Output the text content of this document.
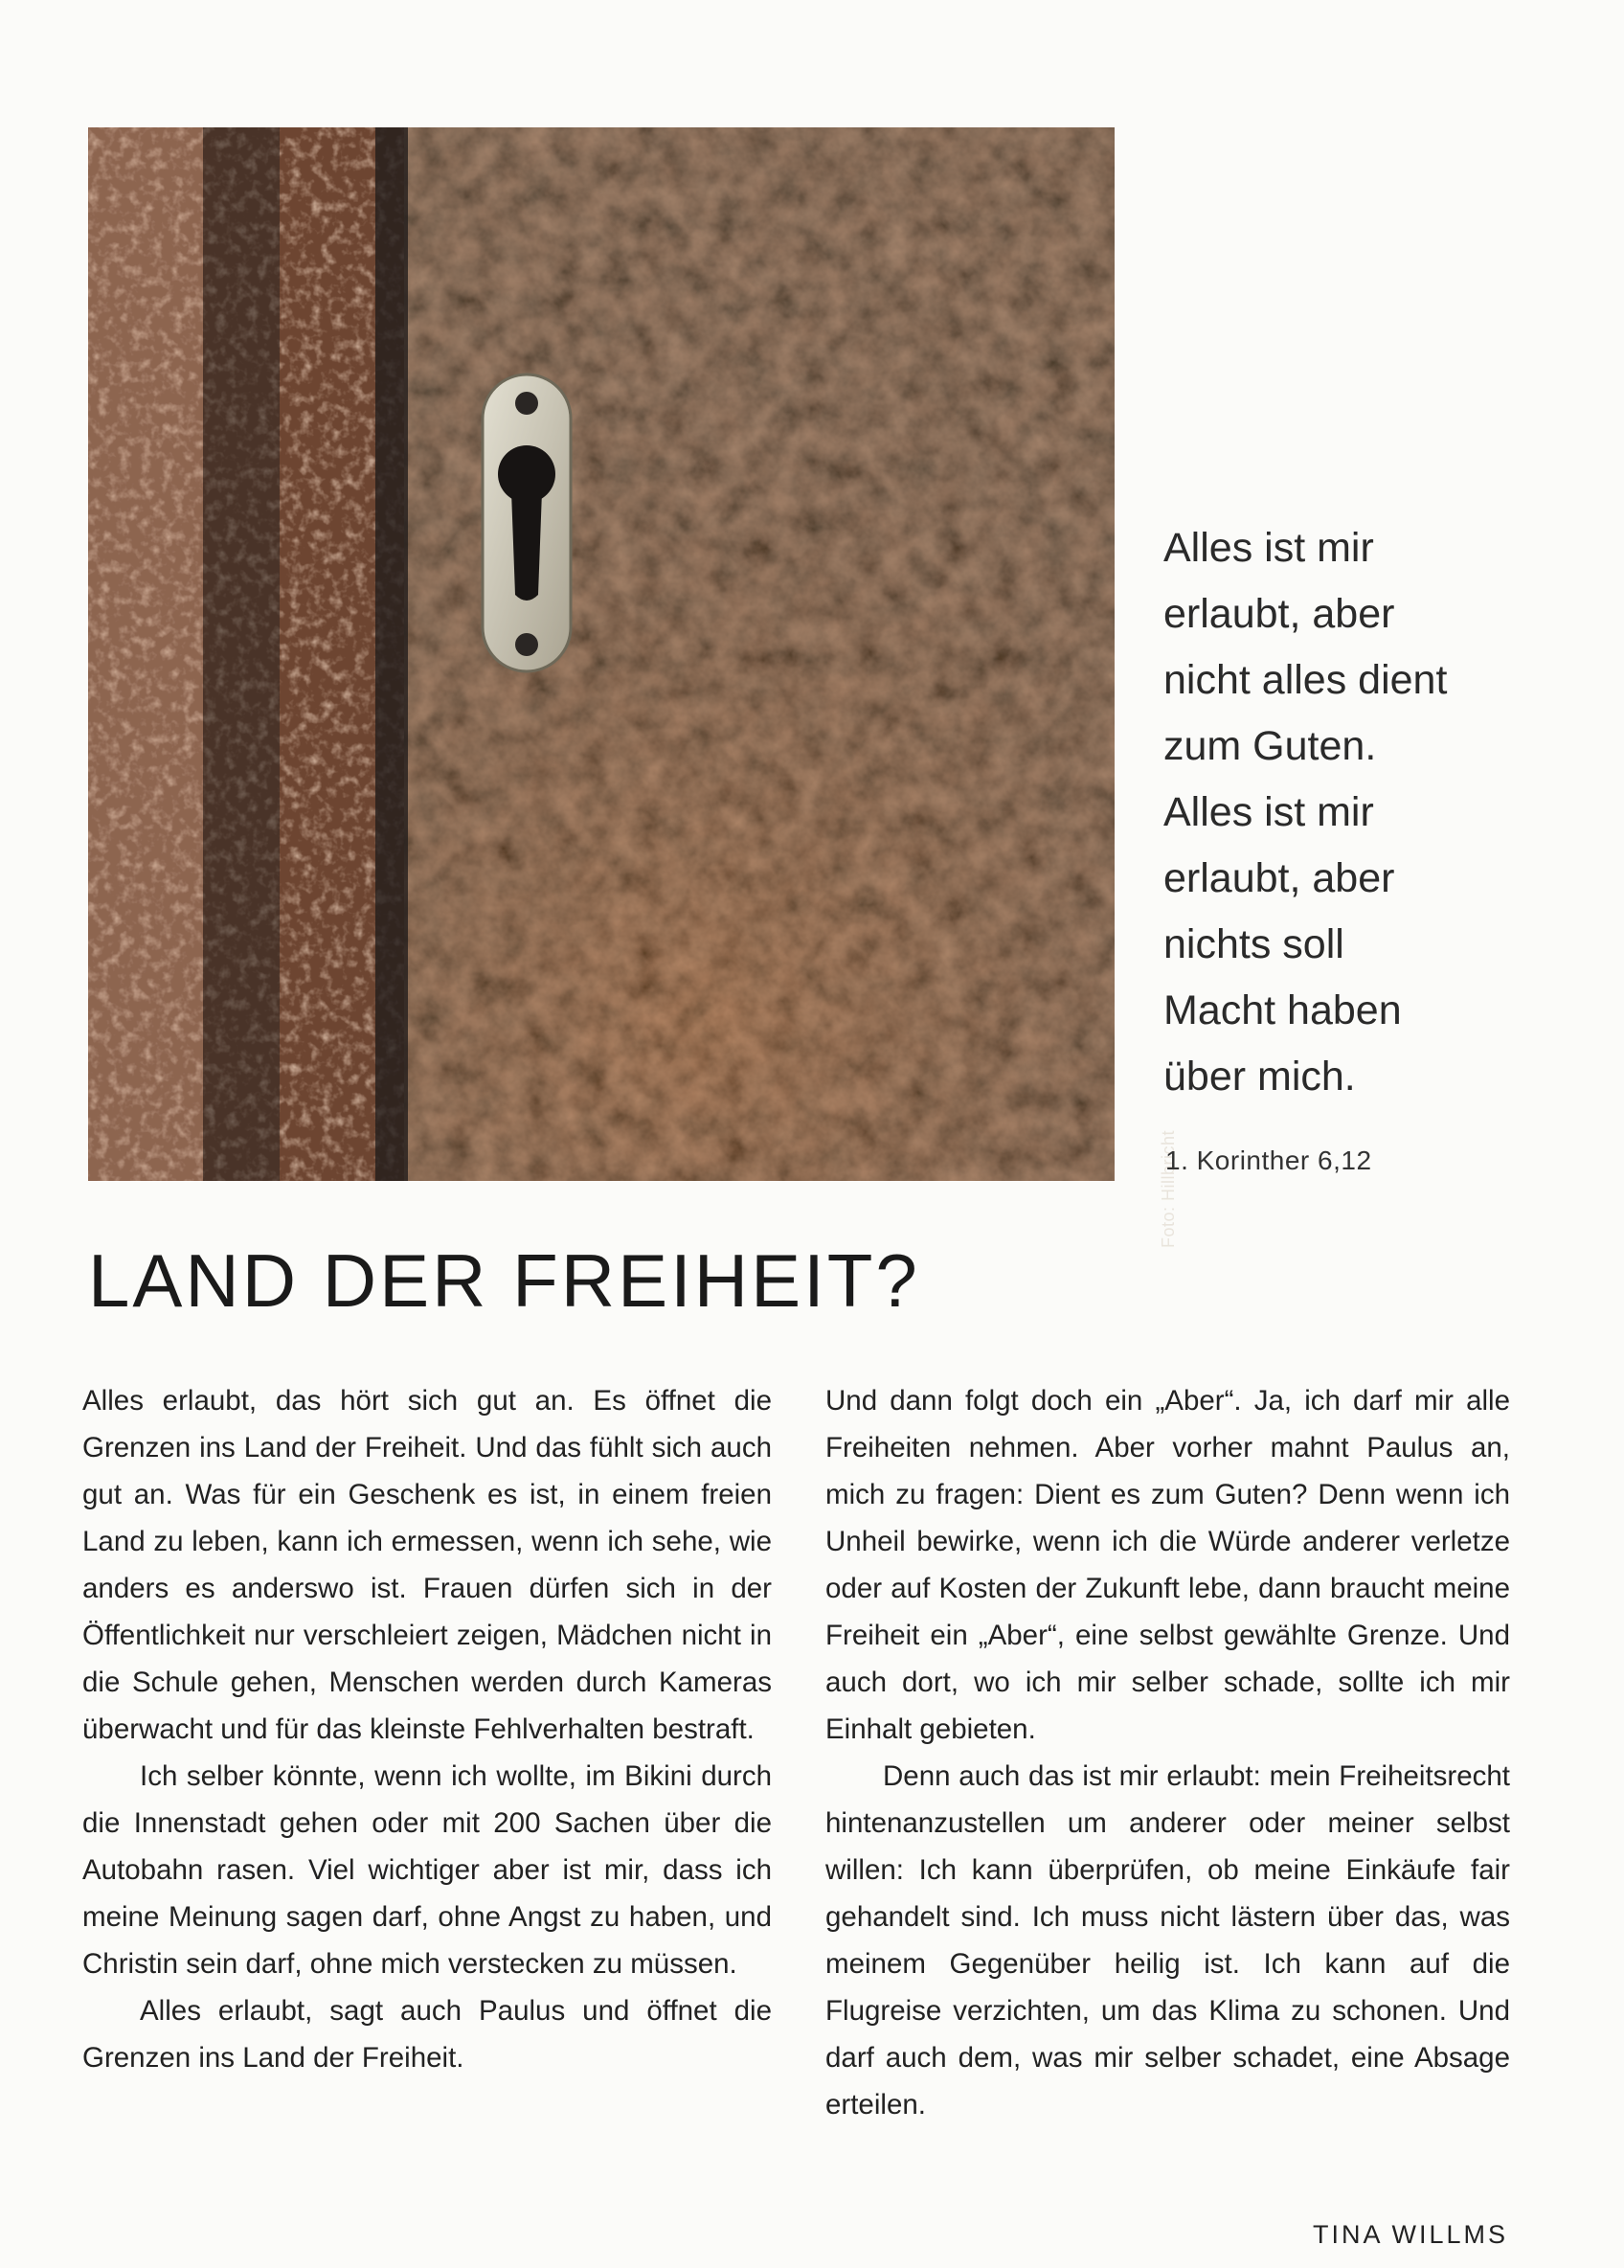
Foto: Hillbricht
Alles ist mir
erlaubt, aber
nicht alles dient
zum Guten.
Alles ist mir
erlaubt, aber
nichts soll
Macht haben
über mich.
1. Korinther 6,12
LAND DER FREIHEIT?

Alles erlaubt, das hört sich gut an. Es öffnet die Grenzen ins Land der Freiheit. Und das fühlt sich auch gut an. Was für ein Geschenk es ist, in einem freien Land zu leben, kann ich ermessen, wenn ich sehe, wie anders es anderswo ist. Frauen dürfen sich in der Öffentlichkeit nur verschleiert zeigen, Mädchen nicht in die Schule gehen, Menschen werden durch Kameras überwacht und für das kleinste Fehlverhalten bestraft.

Ich selber könnte, wenn ich wollte, im Bikini durch die Innenstadt gehen oder mit 200 Sachen über die Autobahn rasen. Viel wichtiger aber ist mir, dass ich meine Meinung sagen darf, ohne Angst zu haben, und Christin sein darf, ohne mich verstecken zu müssen.

Alles erlaubt, sagt auch Paulus und öffnet die Grenzen ins Land der Freiheit.

Und dann folgt doch ein „Aber“. Ja, ich darf mir alle Freiheiten nehmen. Aber vorher mahnt Paulus an, mich zu fragen: Dient es zum Guten? Denn wenn ich Unheil bewirke, wenn ich die Würde anderer verletze oder auf Kosten der Zukunft lebe, dann braucht meine Freiheit ein „Aber“, eine selbst gewählte Grenze. Und auch dort, wo ich mir selber schade, sollte ich mir Einhalt gebieten.

Denn auch das ist mir erlaubt: mein Freiheitsrecht hintenanzustellen um anderer oder meiner selbst willen: Ich kann überprüfen, ob meine Einkäufe fair gehandelt sind. Ich muss nicht lästern über das, was meinem Gegenüber heilig ist. Ich kann auf die Flugreise verzichten, um das Klima zu schonen. Und darf auch dem, was mir selber schadet, eine Absage erteilen.

TINA WILLMS
